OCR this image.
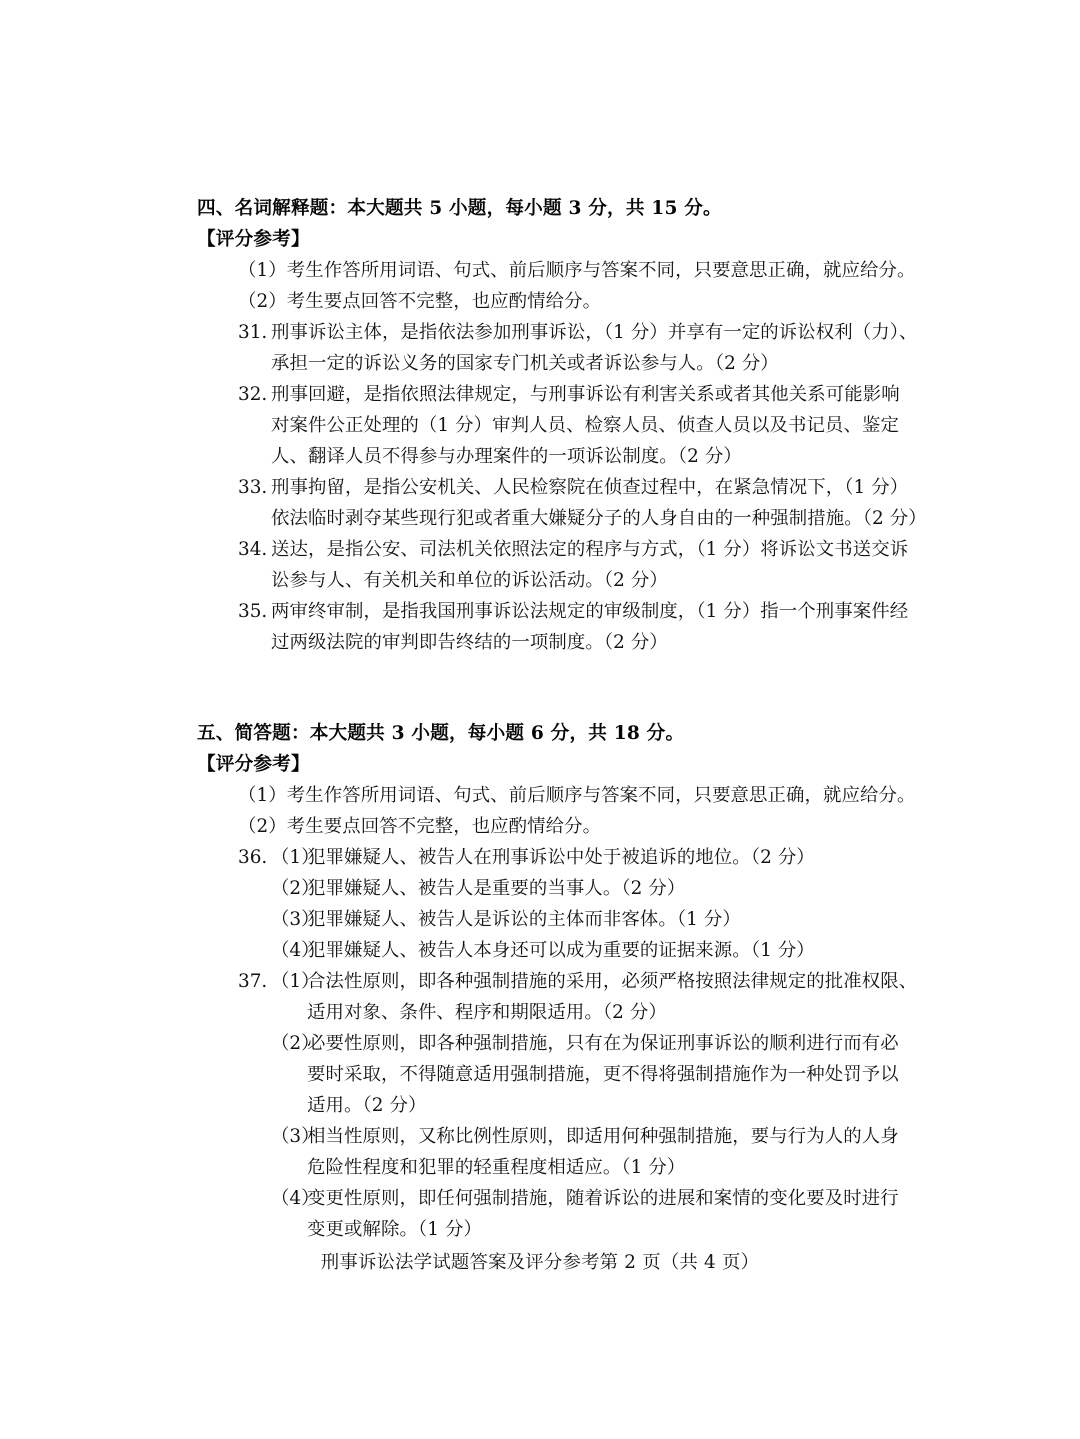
四、名词解释题：本大题共 5 小题，每小题 3 分，共 15 分。
【评分参考】
（1）考生作答所用词语、句式、前后顺序与答案不同，只要意思正确，就应给分。
（2）考生要点回答不完整，也应酌情给分。
31. 刑事诉讼主体，是指依法参加刑事诉讼，（1 分）并享有一定的诉讼权利（力）、
承担一定的诉讼义务的国家专门机关或者诉讼参与人。（2 分）
32. 刑事回避，是指依照法律规定，与刑事诉讼有利害关系或者其他关系可能影响
对案件公正处理的（1 分）审判人员、检察人员、侦查人员以及书记员、鉴定
人、翻译人员不得参与办理案件的一项诉讼制度。（2 分）
33. 刑事拘留，是指公安机关、人民检察院在侦查过程中，在紧急情况下，（1 分）
依法临时剥夺某些现行犯或者重大嫌疑分子的人身自由的一种强制措施。（2 分）
34. 送达，是指公安、司法机关依照法定的程序与方式，（1 分）将诉讼文书送交诉
讼参与人、有关机关和单位的诉讼活动。（2 分）
35. 两审终审制，是指我国刑事诉讼法规定的审级制度，（1 分）指一个刑事案件经
过两级法院的审判即告终结的一项制度。（2 分）
五、简答题：本大题共 3 小题，每小题 6 分，共 18 分。
【评分参考】
（1）考生作答所用词语、句式、前后顺序与答案不同，只要意思正确，就应给分。
（2）考生要点回答不完整，也应酌情给分。
36. （1）
犯罪嫌疑人、被告人在刑事诉讼中处于被追诉的地位。（2 分）
（2）
犯罪嫌疑人、被告人是重要的当事人。（2 分）
（3）
犯罪嫌疑人、被告人是诉讼的主体而非客体。（1 分）
（4）
犯罪嫌疑人、被告人本身还可以成为重要的证据来源。（1 分）
37. （1）
合法性原则，即各种强制措施的采用，必须严格按照法律规定的批准权限、
适用对象、条件、程序和期限适用。（2 分）
（2）
必要性原则，即各种强制措施，只有在为保证刑事诉讼的顺利进行而有必
要时采取，不得随意适用强制措施，更不得将强制措施作为一种处罚予以
适用。（2 分）
（3）
相当性原则，又称比例性原则，即适用何种强制措施，要与行为人的人身
危险性程度和犯罪的轻重程度相适应。（1 分）
（4）
变更性原则，即任何强制措施，随着诉讼的进展和案情的变化要及时进行
变更或解除。（1 分）
刑事诉讼法学试题答案及评分参考第 2 页（共 4 页）
